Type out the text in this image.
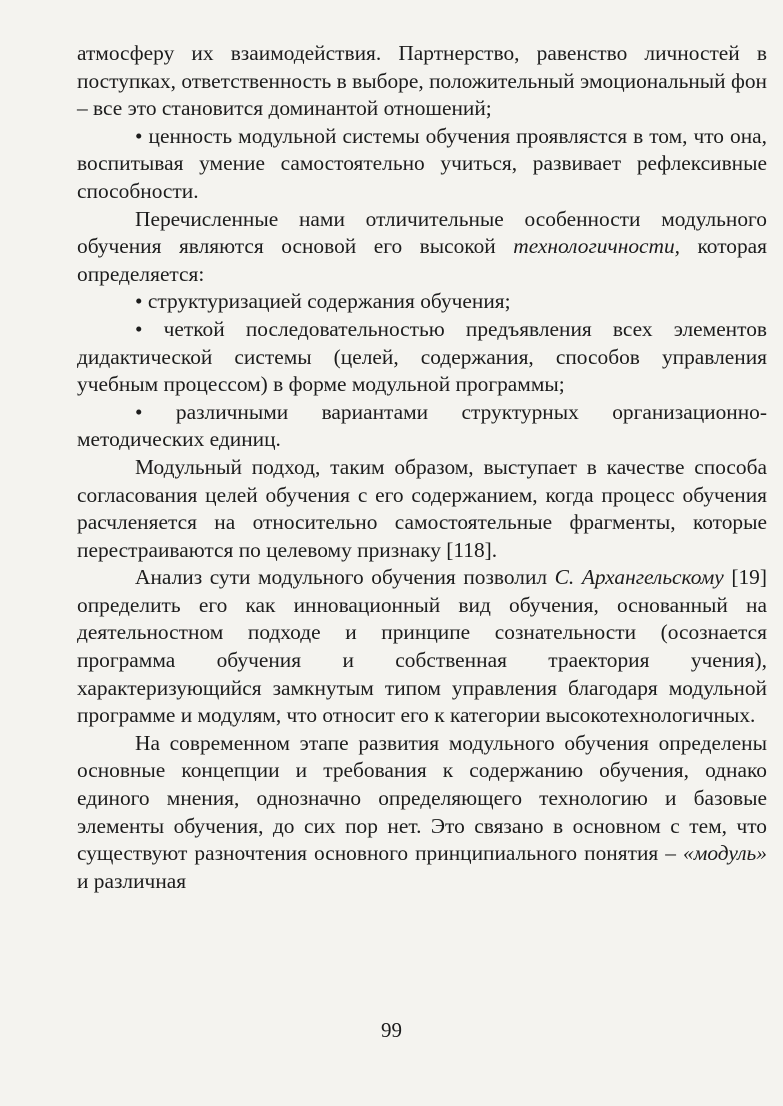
атмосферу их взаимодействия. Партнерство, равенство личностей в поступках, ответственность в выборе, положительный эмоциональный фон – все это становится доминантой отношений;

• ценность модульной системы обучения проявлястся в том, что она, воспитывая умение самостоятельно учиться, развивает рефлексивные способности.

Перечисленные нами отличительные особенности модульного обучения являются основой его высокой технологичности, которая определяется:

• структуризацией содержания обучения;

• четкой последовательностью предъявления всех элементов дидактической системы (целей, содержания, способов управления учебным процессом) в форме модульной программы;

• различными вариантами структурных организационно-методических единиц.

Модульный подход, таким образом, выступает в качестве способа согласования целей обучения с его содержанием, когда процесс обучения расчленяется на относительно самостоятельные фрагменты, которые перестраиваются по целевому признаку [118].

Анализ сути модульного обучения позволил С. Архангельскому [19] определить его как инновационный вид обучения, основанный на деятельностном подходе и принципе сознательности (осознается программа обучения и собственная траектория учения), характеризующийся замкнутым типом управления благодаря модульной программе и модулям, что относит его к категории высокотехнологичных.

На современном этапе развития модульного обучения определены основные концепции и требования к содержанию обучения, однако единого мнения, однозначно определяющего технологию и базовые элементы обучения, до сих пор нет. Это связано в основном с тем, что существуют разночтения основного принципиального понятия – «модуль» и различная

99
